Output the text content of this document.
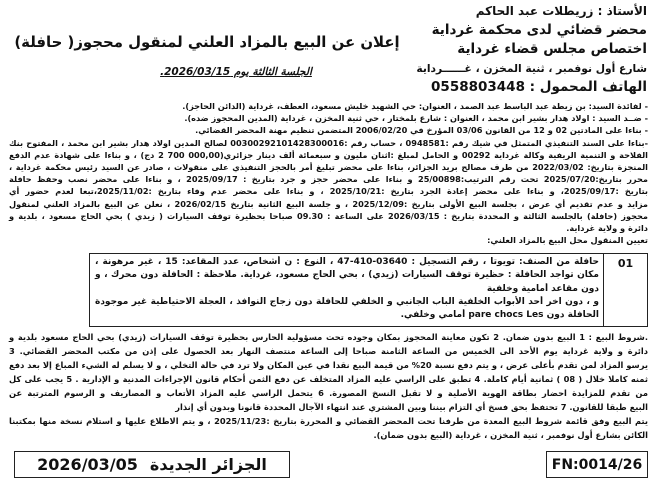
الأستاذ : زريطلات عبد الحاكم
محضر قضائي لدى محكمة غرداية
اختصاص مجلس قضاء غرداية
شارع أول نوفمبر ، ثنية المخزن ، غــــــرداية
الهاتف المحمول : 0558803448
إعلان عن البيع بالمزاد العلني لمنقول محجوز( حافلة)
الجلسة الثالثة يوم 2026/03/15.
- لفائدة السيد: بن زيطة عبد الباسط عبد الصمد ، العنوان: حي الشهيد خليش مسعود، العطف، غرداية (الدائن الحاجز).
- ضــد السيد : اولاد هدار بشير ابن محمد ، العنوان : شارع بلمختار ، حي ثنية المخزن ، غرداية (المدين المحجوز ضده).
- بناءا على المادتين 02 و 12 من القانون 03/06 المؤرخ في 2006/02/20 المتضمن تنظيم مهنة المحضر القضائي.
-بناءا على السند التنفيذي المتمثل في شيك رقم :0948581 ، حساب رقم :00300292101428300016 لصالح المدين اولاد هدار بشير ابن محمد ، المفتوح بنك
الفلاحة و التنمية الريفية وكالة غرداية 00292 و الحامل لمبلغ :اثنان مليون و سبعمائة ألف دينار جزائري(⁦2 700 000,00⁩ دج) ، و بناءا على شهادة عدم الدفع
المنجزة بتاريخ: 2022/03/02 من طرف مصالح بريد الجزائر، بناءا على محضر تبليغ أمر بالحجز التنفيذي على منقولات ، صادر عن السيد رئيس محكمة غرداية ،
محرر بتاريخ:2025/07/20 تحت رقم الترتيب:25/00898 و بناءا على محضر حجز و جرد بتاريخ : 2025/09/17 ، و بناءا على محضر نصب وحفظ حافلة
بتاريخ :2025/09/17، و بناءا على محضر إعادة الجرد بتاريخ :2025/10/21 ، و بناءا على محضر عدم وفاء بتاريخ :2025/11/02،تبعا لعدم حضور أي
مزايد و عدم تقديم أي عرض ، بجلسة البيع الأولى بتاريخ :2025/12/09 ، و جلسة البيع الثانية بتاريخ 2026/02/15 ، نعلن عن البيع بالمزاد العلني لمنقول
محجوز (حافلة) بالجلسة الثالثة و المحددة بتاريخ : 2026/03/15 على الساعة : 09.30 صباحا بحظيرة توقف السيارات ( زيدي ) بحي الحاج مسعود ، بلدية و
دائرة و ولاية غرداية.
تعيين المنقول محل البيع بالمزاد العلني:
01
حافلة من الصنف: تويوتا ، رقم التسجيل : 03640-410-47 ، النوع : ن أشخاص، عدد المقاعد: 15 ، غير مرهونة ،
مكان تواجد الحافلة : حظيرة توقف السيارات (زيدي) ، بحي الحاج مسعود، غرداية. ملاحظة : الحافلة دون محرك ، و
دون مقاعد أمامية وخلفية
و ، دون اخر أحد الأبواب الخلفية الباب الجانبي و الخلفي للحافلة دون زجاج النوافذ ، العجلة الاحتياطية غير موجودة
الحافلة دون pare chocs Les أمامي وخلفي.
.شروط البيع : 1 البيع بدون ضمان. 2 تكون معاينة المحجوز بمكان وجوده تحت مسؤولية الحارس بحظيرة توقف السيارات (زيدي) بحي الحاج مسعود بلدية و
دائرة و ولاية غرداية يوم الأحد الى الخميس من الساعة الثامنة صباحا إلى الساعة منتصف النهار بعد الحصول على إذن من مكتب المحضر القضائي. 3
يرسو المزاد لمن تقدم بأعلى عرض ، و يتم دفع نسبة 20% من قيمة البيع نقدا في عين المكان ولا ترد في حالة التخلي ، و لا يسلم له الشيء المباع إلا بعد دفع
ثمنه كاملا خلال ( 08 ) ثمانية أيام كاملة. 4 تطبق على الراسي عليه المزاد المتخلف عن دفع الثمن أحكام قانون الإجراءات المدنية و الإدارية . 5 يجب على كل
من تقدم للمزايدة احضار بطاقة الهوية الأصلية و لا تقبل النسخ المصورة. 6 يتحمل الراسي عليه المزاد الأتعاب و المصاريف و الرسوم المترتبة عن
البيع طبقا للقانون. 7 تحتفظ بحق فسخ أي التزام بيننا وبين المشتري عند انتهاء الآجال المحددة قانونا وبدون أي إنذار
يتم البيع وفق قائمة شروط البيع المعدة من طرفنا تحت المحضر القضائي و المحررة بتاريخ :2025/11/23 ، و يتم الاطلاع عليها و استلام نسخة منها بمكتبنا
الكائن بشارع أول نوفمبر ، ثنية المخزن ، غرداية (البيع بدون ضمان).
الجزائر الجديدة
2026/03/05	FN:0014/26
